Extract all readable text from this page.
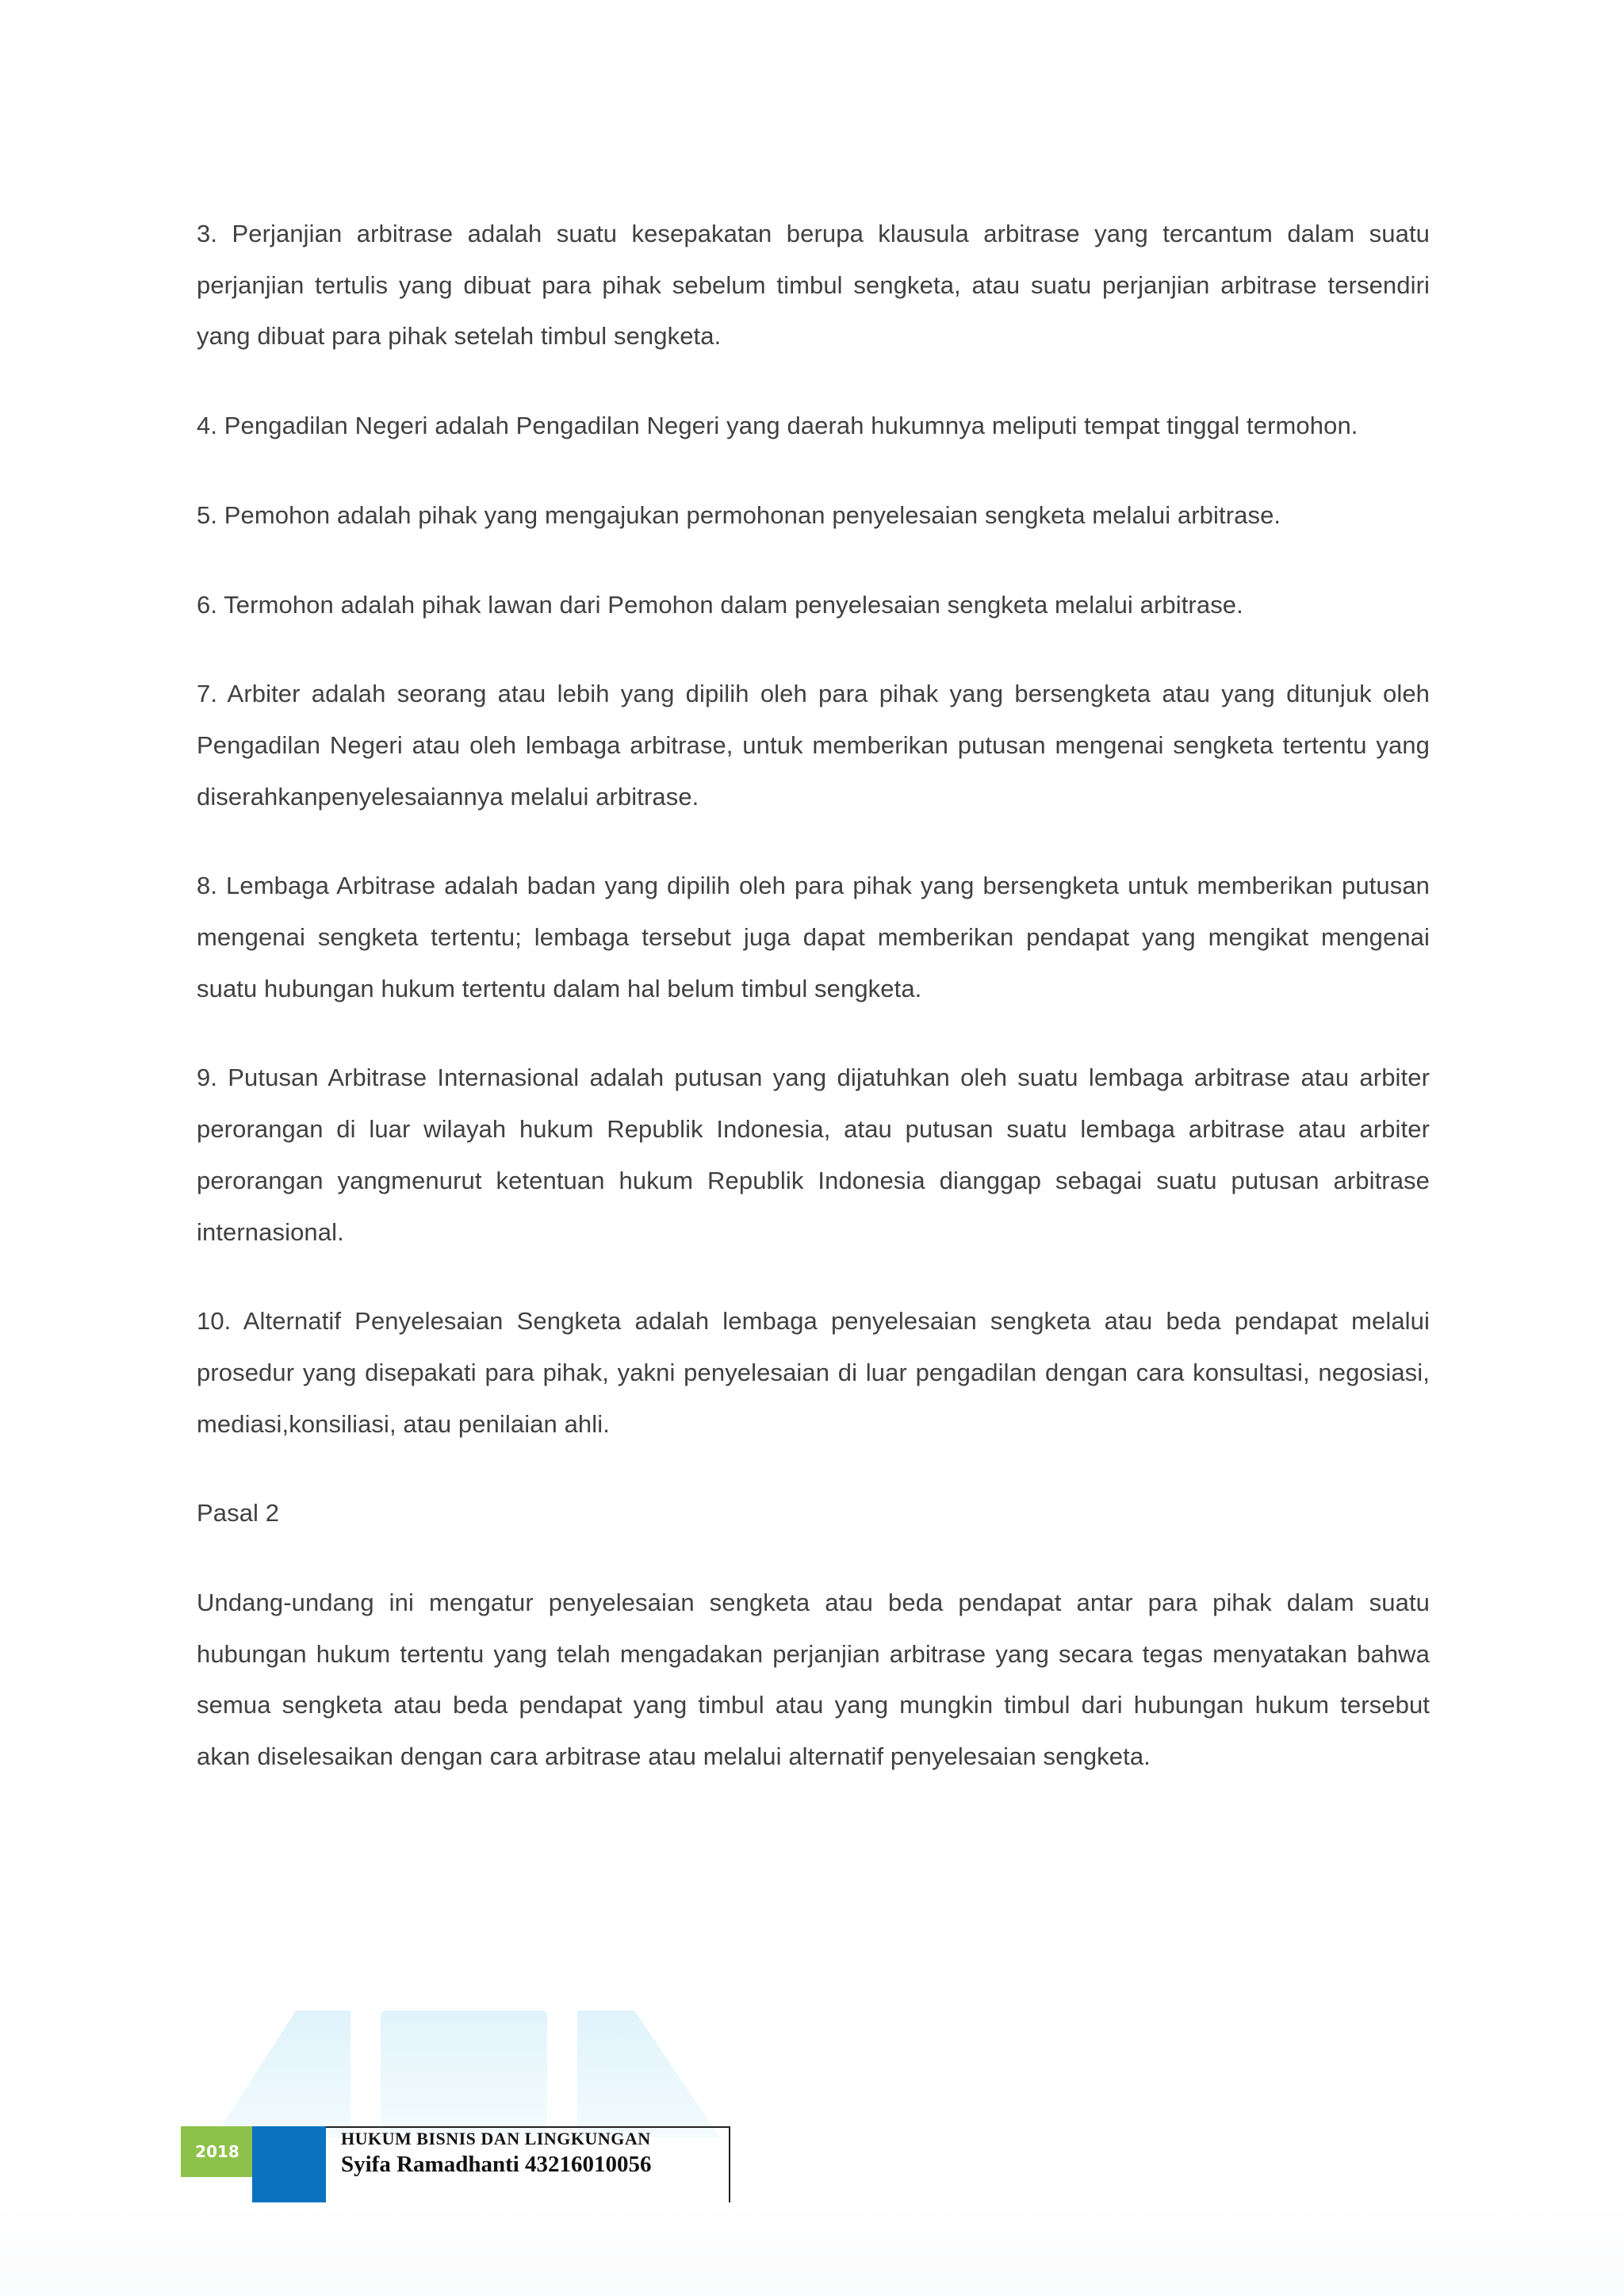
3. Perjanjian arbitrase adalah suatu kesepakatan berupa klausula arbitrase yang tercantum dalam suatu perjanjian tertulis yang dibuat para pihak sebelum timbul sengketa, atau suatu perjanjian arbitrase tersendiri yang dibuat para pihak setelah timbul sengketa.

4. Pengadilan Negeri adalah Pengadilan Negeri yang daerah hukumnya meliputi tempat tinggal termohon.

5. Pemohon adalah pihak yang mengajukan permohonan penyelesaian sengketa melalui arbitrase.

6. Termohon adalah pihak lawan dari Pemohon dalam penyelesaian sengketa melalui arbitrase.

7. Arbiter adalah seorang atau lebih yang dipilih oleh para pihak yang bersengketa atau yang ditunjuk oleh Pengadilan Negeri atau oleh lembaga arbitrase, untuk memberikan putusan mengenai sengketa tertentu yang diserahkanpenyelesaiannya melalui arbitrase.

8. Lembaga Arbitrase adalah badan yang dipilih oleh para pihak yang bersengketa untuk memberikan putusan mengenai sengketa tertentu; lembaga tersebut juga dapat memberikan pendapat yang mengikat mengenai suatu hubungan hukum tertentu dalam hal belum timbul sengketa.

9. Putusan Arbitrase Internasional adalah putusan yang dijatuhkan oleh suatu lembaga arbitrase atau arbiter perorangan di luar wilayah hukum Republik Indonesia, atau putusan suatu lembaga arbitrase atau arbiter perorangan yangmenurut ketentuan hukum Republik Indonesia dianggap sebagai suatu putusan arbitrase internasional.

10. Alternatif Penyelesaian Sengketa adalah lembaga penyelesaian sengketa atau beda pendapat melalui prosedur yang disepakati para pihak, yakni penyelesaian di luar pengadilan dengan cara konsultasi, negosiasi, mediasi,konsiliasi, atau penilaian ahli.

Pasal 2

Undang-undang ini mengatur penyelesaian sengketa atau beda pendapat antar para pihak dalam suatu hubungan hukum tertentu yang telah mengadakan perjanjian arbitrase yang secara tegas menyatakan bahwa semua sengketa atau beda pendapat yang timbul atau yang mungkin timbul dari hubungan hukum tersebut akan diselesaikan dengan cara arbitrase atau melalui alternatif penyelesaian sengketa.

2018
HUKUM BISNIS DAN LINGKUNGAN
Syifa Ramadhanti 43216010056
